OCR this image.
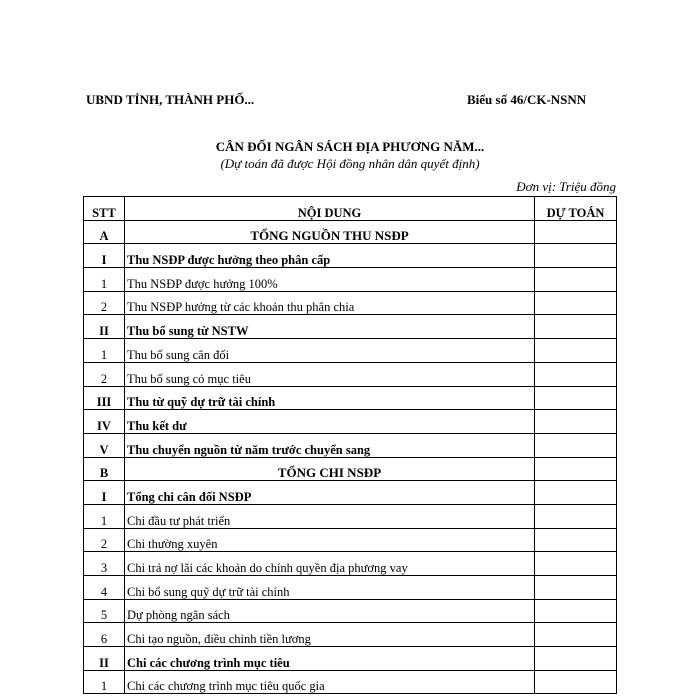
UBND TỈNH, THÀNH PHỐ...	Biểu số 46/CK-NSNN
CÂN ĐỐI NGÂN SÁCH ĐỊA PHƯƠNG NĂM...
(Dự toán đã được Hội đồng nhân dân quyết định)
Đơn vị: Triệu đồng
STT	NỘI DUNG	DỰ TOÁN
A	TỔNG NGUỒN THU NSĐP	
I	Thu NSĐP được hưởng theo phân cấp	
1	Thu NSĐP được hưởng 100%	
2	Thu NSĐP hưởng từ các khoản thu phân chia	
II	Thu bổ sung từ NSTW	
1	Thu bổ sung cân đối	
2	Thu bổ sung có mục tiêu	
III	Thu từ quỹ dự trữ tài chính	
IV	Thu kết dư	
V	Thu chuyển nguồn từ năm trước chuyển sang	
B	TỔNG CHI NSĐP	
I	Tổng chi cân đối NSĐP	
1	Chi đầu tư phát triển	
2	Chi thường xuyên	
3	Chi trả nợ lãi các khoản do chính quyền địa phương vay	
4	Chi bổ sung quỹ dự trữ tài chính	
5	Dự phòng ngân sách	
6	Chi tạo nguồn, điều chỉnh tiền lương	
II	Chi các chương trình mục tiêu	
1	Chi các chương trình mục tiêu quốc gia	
